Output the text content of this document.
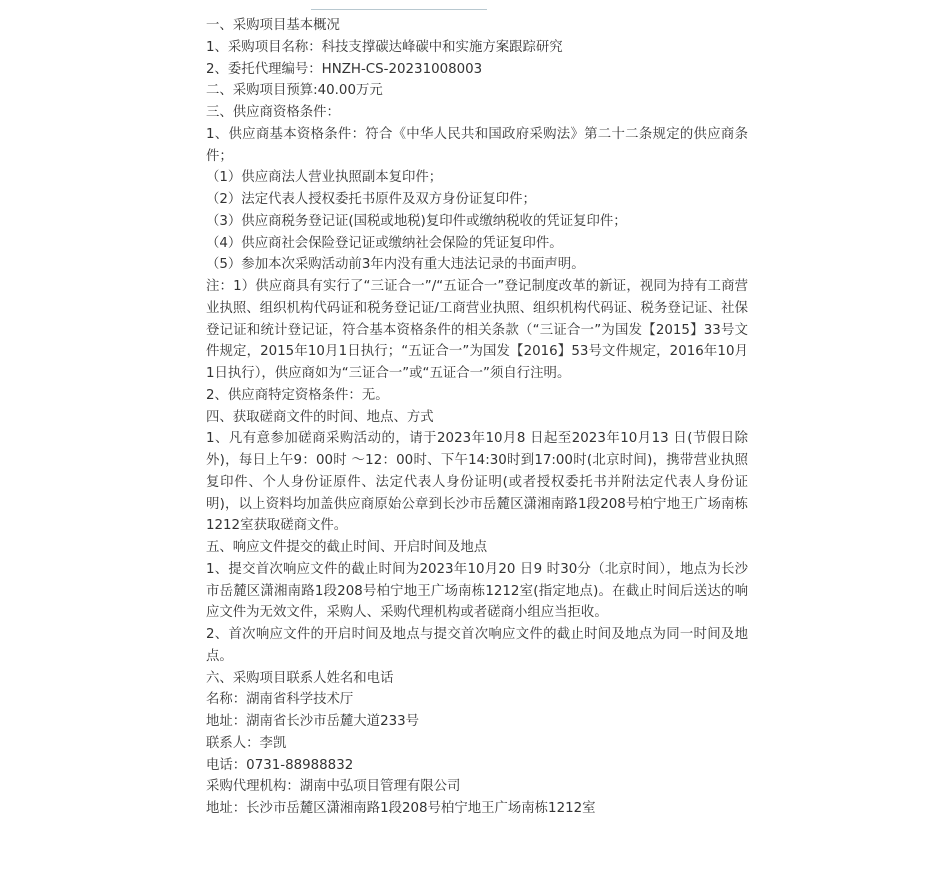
一、采购项目基本概况

1、采购项目名称：科技支撑碳达峰碳中和实施方案跟踪研究

2、委托代理编号：HNZH-CS-20231008003

二、采购项目预算:40.00万元

三、供应商资格条件：

1、供应商基本资格条件：符合《中华人民共和国政府采购法》第二十二条规定的供应商条件；

（1）供应商法人营业执照副本复印件；

（2）法定代表人授权委托书原件及双方身份证复印件；

（3）供应商税务登记证(国税或地税)复印件或缴纳税收的凭证复印件；

（4）供应商社会保险登记证或缴纳社会保险的凭证复印件。

（5）参加本次采购活动前3年内没有重大违法记录的书面声明。

注：1）供应商具有实行了“三证合一”/“五证合一”登记制度改革的新证，视同为持有工商营业执照、组织机构代码证和税务登记证/工商营业执照、组织机构代码证、税务登记证、社保登记证和统计登记证，符合基本资格条件的相关条款（“三证合一”为国发【2015】33号文件规定，2015年10月1日执行；“五证合一”为国发【2016】53号文件规定，2016年10月1日执行），供应商如为“三证合一”或“五证合一”须自行注明。

2、供应商特定资格条件：无。

四、获取磋商文件的时间、地点、方式

1、凡有意参加磋商采购活动的，请于2023年10月8 日起至2023年10月13 日(节假日除外)，每日上午9：00时 ～12：00时、下午14:30时到17:00时(北京时间)，携带营业执照复印件、个人身份证原件、法定代表人身份证明(或者授权委托书并附法定代表人身份证明)，以上资料均加盖供应商原始公章到长沙市岳麓区潇湘南路1段208号柏宁地王广场南栋1212室获取磋商文件。

五、响应文件提交的截止时间、开启时间及地点

1、提交首次响应文件的截止时间为2023年10月20 日9 时30分（北京时间），地点为长沙市岳麓区潇湘南路1段208号柏宁地王广场南栋1212室(指定地点)。在截止时间后送达的响应文件为无效文件，采购人、采购代理机构或者磋商小组应当拒收。

2、首次响应文件的开启时间及地点与提交首次响应文件的截止时间及地点为同一时间及地点。

六、采购项目联系人姓名和电话

名称：湖南省科学技术厅

地址：湖南省长沙市岳麓大道233号

联系人：李凯

电话：0731-88988832

采购代理机构：湖南中弘项目管理有限公司

地址：长沙市岳麓区潇湘南路1段208号柏宁地王广场南栋1212室
